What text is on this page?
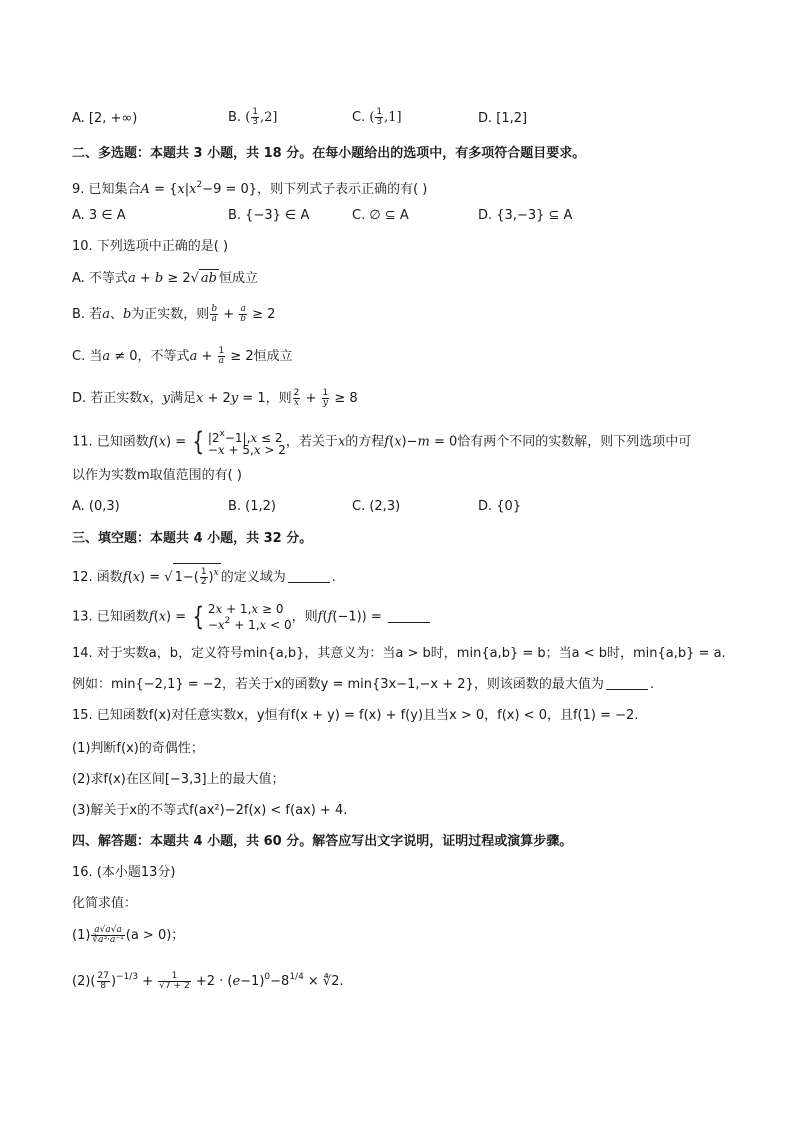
A. [2, +∞)	B. ( $\frac{1}{3} ,2$]	C. ( $\frac{1}{3} ,1$]	D. [1,2]
二、多选题：本题共 3 小题，共 18 分。在每小题给出的选项中，有多项符合题目要求。
9. 已知集合$A = \{x|x^2-9 = 0\}$，则下列式子表示正确的有( )
A. 3 ∈ A	B. {−3} ∈ A	C. ∅ ⊆ A	D. {3,−3} ⊆ A
10. 下列选项中正确的是( )
A. 不等式a + b ≥ 2√ ab 恒成立
B. 若a、b为正实数，则 $\frac{b}{a} + \frac{a}{b} \ge 2$
C. 当a ≠ 0，不等式$a + \frac{1}{a} \ge 2$恒成立
D. 若正实数x，y满足x + 2y = 1，则 $\frac{2}{x} + \frac{1}{y} \ge 8$
11. 已知函数f(x) = { $|2^x-1|,x \le 2$
−x + 5,x > 2，若关于x的方程f(x)−m = 0恰有两个不同的实数解，则下列选项中可
以作为实数m取值范围的有( )
A. (0,3)	B. (1,2)	C. (2,3)	D. {0}
三、填空题：本题共 4 小题，共 32 分。
12. 函数f(x) = √ $1-( \frac{1}{2} )^x$ 的定义域为	.
13. 已知函数f(x) = { 2x + 1,x ≥ 0
$-x^2 + 1,x < 0$，则f(f(−1)) =
14. 对于实数a，b，定义符号min{a,b}，其意义为：当a > b时，min{a,b} = b；当a < b时，min{a,b} = a.
例如：min{−2,1} = −2，若关于x的函数y = min{3x−1,−x + 2}，则该函数的最大值为	.
15. 已知函数f(x)对任意实数x，y恒有f(x + y) = f(x) + f(y)且当x > 0，f(x) < 0，且f(1) = −2.
(1)判断f(x)的奇偶性；
(2)求f(x)在区间[−3,3]上的最大值；
(3)解关于x的不等式f(ax²)−2f(x) < f(ax) + 4.
四、解答题：本题共 4 小题，共 60 分。解答应写出文字说明，证明过程或演算步骤。
16. (本小题13分)
化简求值：
$(1) \frac{a√a√a}{\text{∛a³·a⁻¹}} (a > 0)$；
$(2)( \frac{27}{8} )^{-1/3} + \frac{1}{√7 + 2} +2 \cdot (e-1)^0-8^{1/4}$ × ∜2.
